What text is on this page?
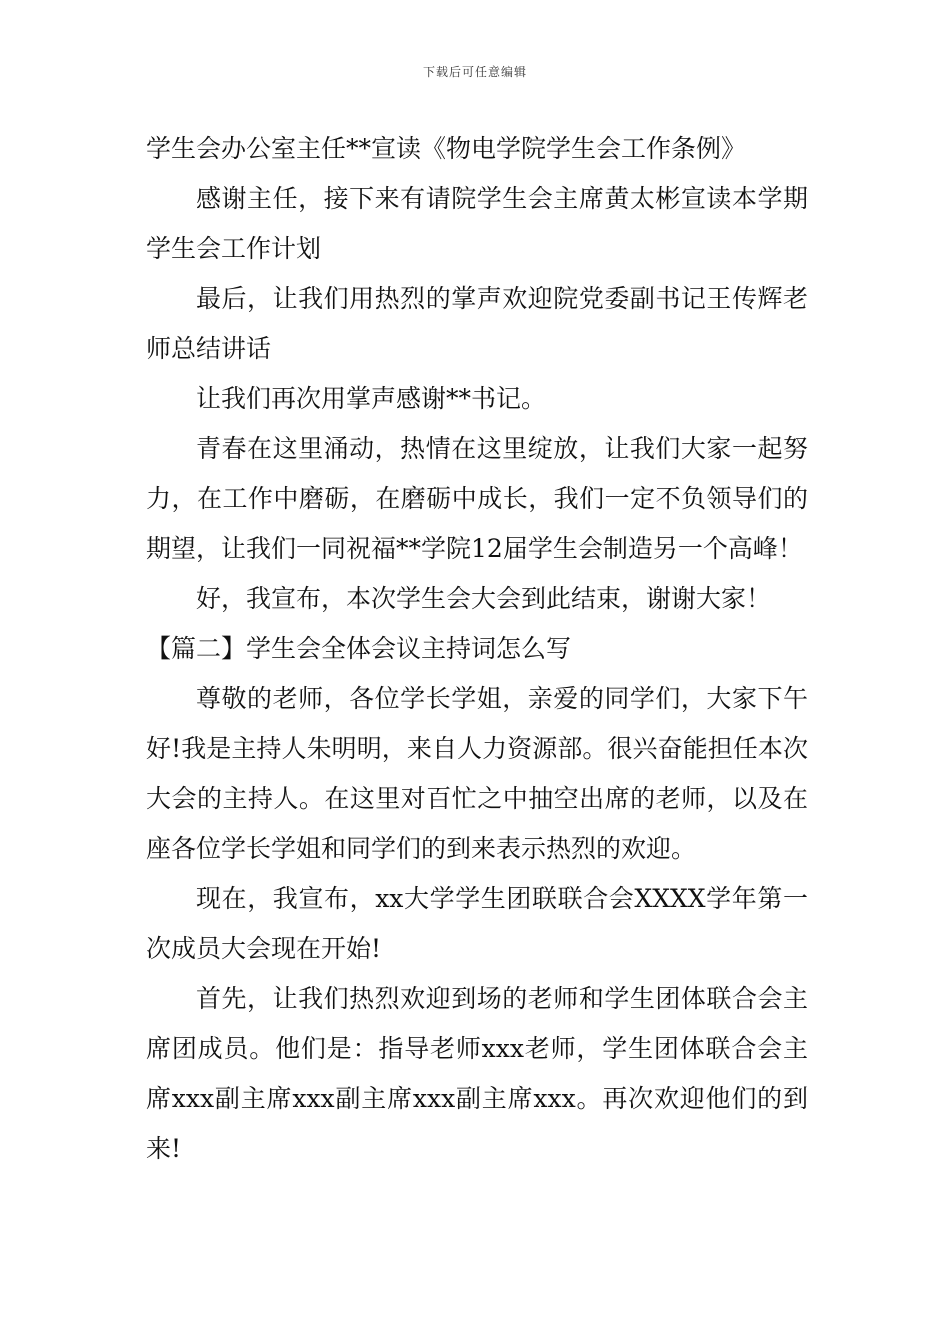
下载后可任意编辑

学生会办公室主任**宣读《物电学院学生会工作条例》

感谢主任，接下来有请院学生会主席黄太彬宣读本学期学生会工作计划

最后，让我们用热烈的掌声欢迎院党委副书记王传辉老师总结讲话

让我们再次用掌声感谢**书记。

青春在这里涌动，热情在这里绽放，让我们大家一起努力，在工作中磨砺，在磨砺中成长，我们一定不负领导们的期望，让我们一同祝福**学院12届学生会制造另一个高峰！

好，我宣布，本次学生会大会到此结束，谢谢大家！

【篇二】学生会全体会议主持词怎么写

尊敬的老师，各位学长学姐，亲爱的同学们，大家下午好!我是主持人朱明明，来自人力资源部。很兴奋能担任本次大会的主持人。在这里对百忙之中抽空出席的老师，以及在座各位学长学姐和同学们的到来表示热烈的欢迎。

现在，我宣布，xx大学学生团联联合会XXXX学年第一次成员大会现在开始!

首先，让我们热烈欢迎到场的老师和学生团体联合会主席团成员。他们是：指导老师xxx老师，学生团体联合会主席xxx副主席xxx副主席xxx副主席xxx。再次欢迎他们的到来!
